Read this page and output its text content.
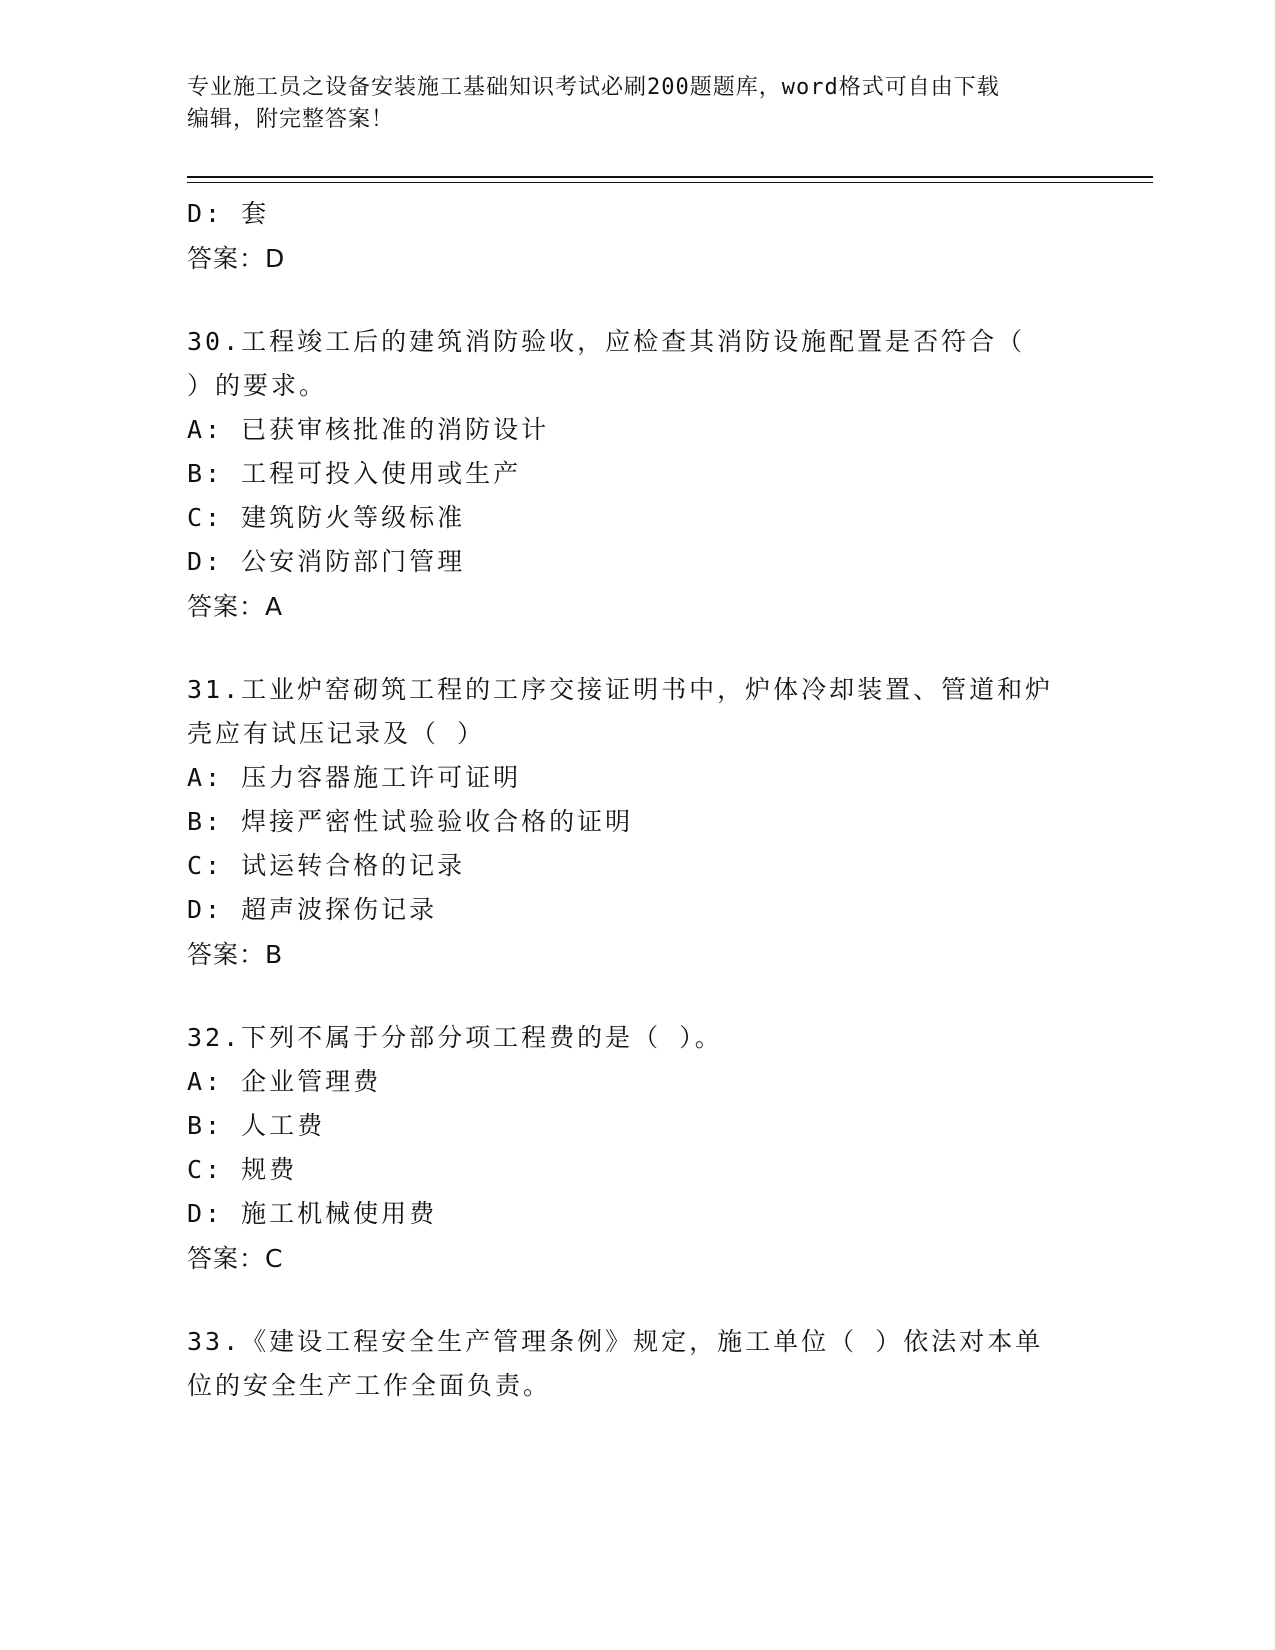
专业施工员之设备安装施工基础知识考试必刷200题题库，word格式可自由下载
编辑，附完整答案！
D: 套
答案：D
30.工程竣工后的建筑消防验收，应检查其消防设施配置是否符合（
）的要求。
A: 已获审核批准的消防设计
B: 工程可投入使用或生产
C: 建筑防火等级标准
D: 公安消防部门管理
答案：A
31.工业炉窑砌筑工程的工序交接证明书中，炉体冷却装置、管道和炉
壳应有试压记录及（ ）
A: 压力容器施工许可证明
B: 焊接严密性试验验收合格的证明
C: 试运转合格的记录
D: 超声波探伤记录
答案：B
32.下列不属于分部分项工程费的是（ ）。
A: 企业管理费
B: 人工费
C: 规费
D: 施工机械使用费
答案：C
33.《建设工程安全生产管理条例》规定，施工单位（ ）依法对本单
位的安全生产工作全面负责。
